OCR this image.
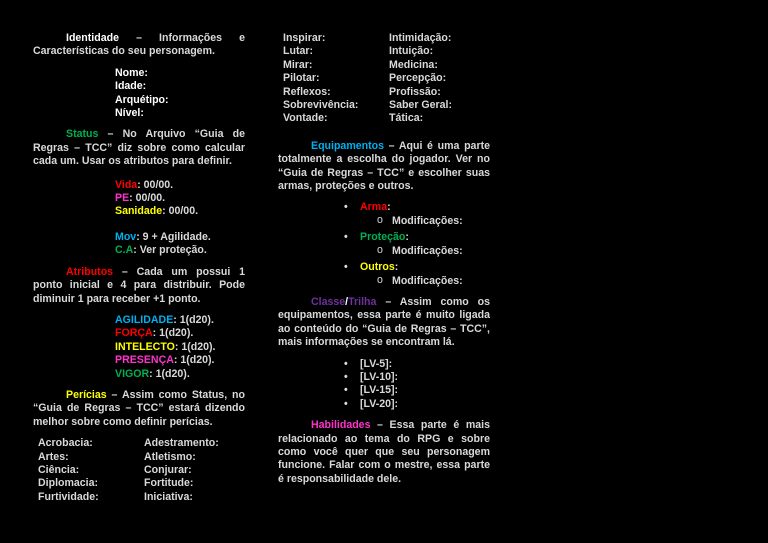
Identidade – Informações e Características do seu personagem.

Nome:

Idade:

Arquétipo:

Nível:

Status – No Arquivo “Guia de Regras – TCC” diz sobre como calcular cada um. Usar os atributos para definir.

Vida: 00/00.

PE: 00/00.

Sanidade: 00/00.

Mov: 9 + Agilidade.

C.A: Ver proteção.

Atributos – Cada um possui 1 ponto inicial e 4 para distribuir. Pode diminuir 1 para receber +1 ponto.

AGILIDADE: 1(d20).

FORÇA: 1(d20).

INTELECTO: 1(d20).

PRESENÇA: 1(d20).

VIGOR: 1(d20).

Perícias – Assim como Status, no “Guia de Regras – TCC” estará dizendo melhor sobre como definir perícias.

Acrobacia:

Artes:

Ciência:

Diplomacia:

Furtividade:

Adestramento:

Atletismo:

Conjurar:

Fortitude:

Iniciativa:

Inspirar:

Lutar:

Mirar:

Pilotar:

Reflexos:

Sobrevivência:

Vontade:

Intimidação:

Intuição:

Medicina:

Percepção:

Profissão:

Saber Geral:

Tática:

Equipamentos – Aqui é uma parte totalmente a escolha do jogador. Ver no “Guia de Regras – TCC” e escolher suas armas, proteções e outros.

• Arma:
o Modificações:
• Proteção:
o Modificações:
• Outros:
o Modificações:

Classe/Trilha – Assim como os equipamentos, essa parte é muito ligada ao conteúdo do “Guia de Regras – TCC”, mais informações se encontram lá.

• [LV-5]:
• [LV-10]:
• [LV-15]:
• [LV-20]:

Habilidades – Essa parte é mais relacionado ao tema do RPG e sobre como você quer que seu personagem funcione. Falar com o mestre, essa parte é responsabilidade dele.
